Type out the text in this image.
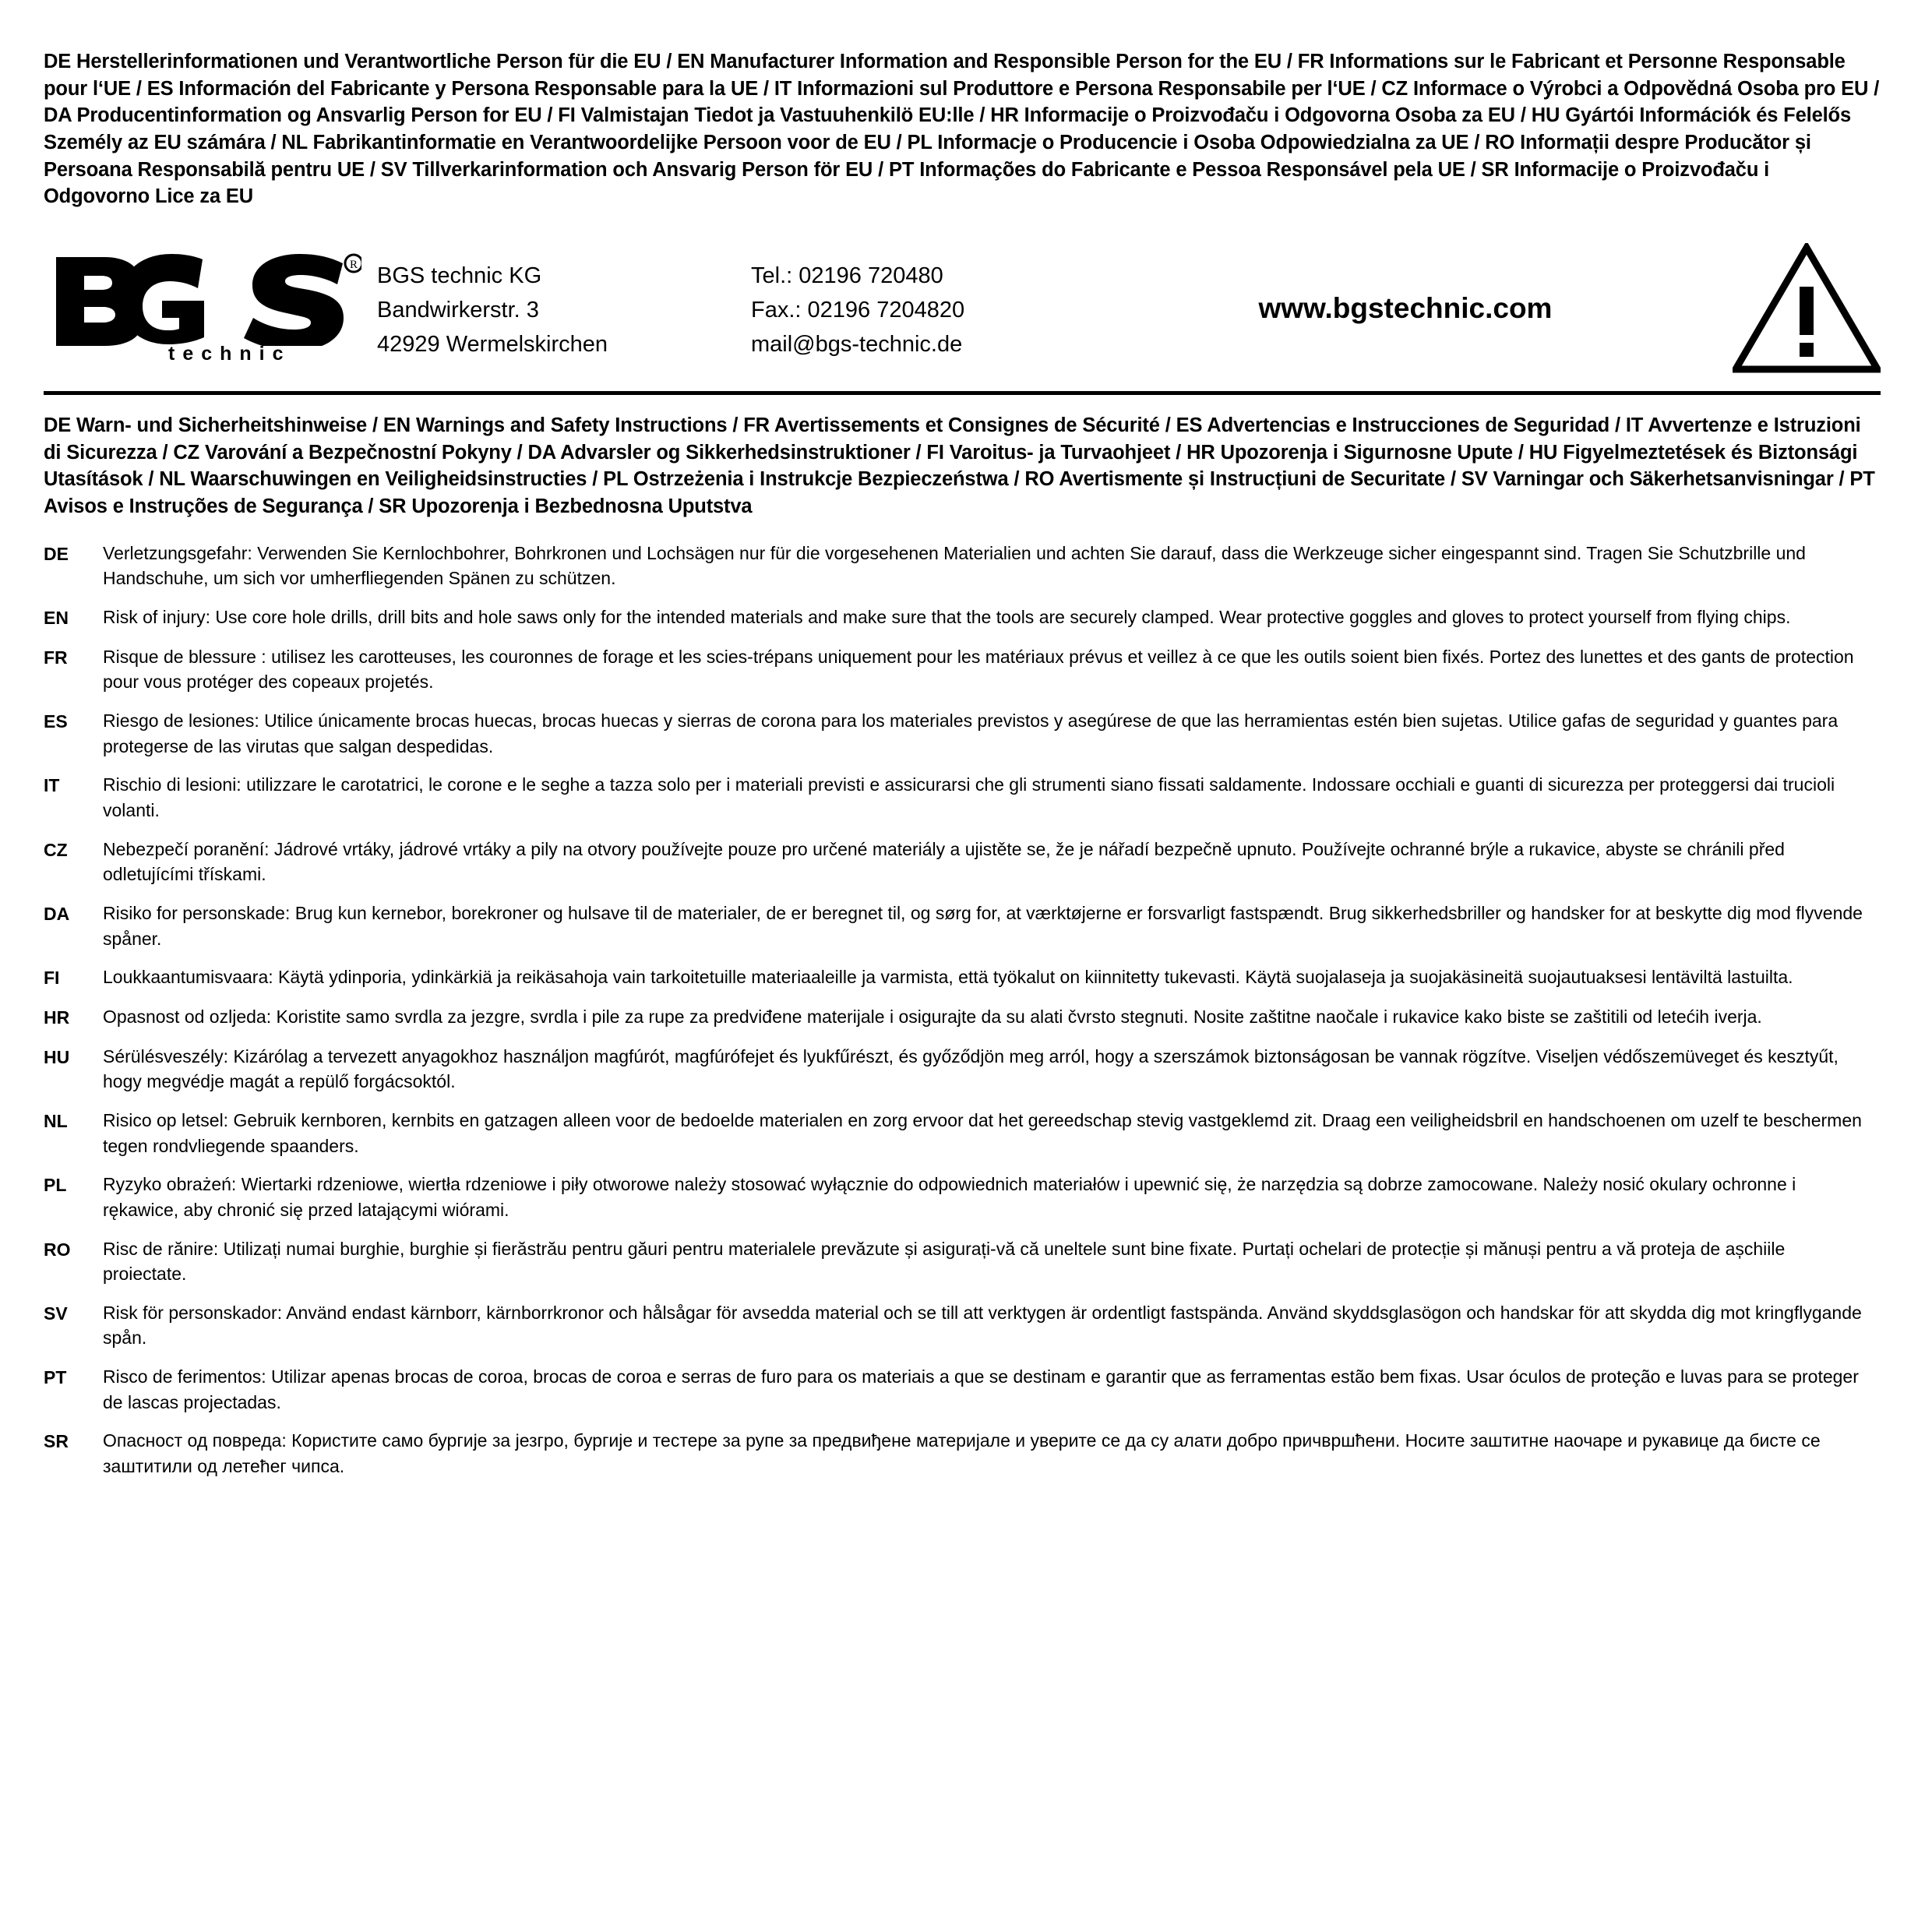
DE Herstellerinformationen und Verantwortliche Person für die EU / EN Manufacturer Information and Responsible Person for the EU / FR Informations sur le Fabricant et Personne Responsable pour l‘UE / ES Información del Fabricante y Persona Responsable para la UE / IT Informazioni sul Produttore e Persona Responsabile per l‘UE / CZ Informace o Výrobci a Odpovědná Osoba pro EU / DA Producentinformation og Ansvarlig Person for EU / FI Valmistajan Tiedot ja Vastuuhenkilö EU:lle / HR Informacije o Proizvođaču i Odgovorna Osoba za EU / HU Gyártói Információk és Felelős Személy az EU számára / NL Fabrikantinformatie en Verantwoordelijke Persoon voor de EU / PL Informacje o Producencie i Osoba Odpowiedzialna za UE / RO Informații despre Producător și Persoana Responsabilă pentru UE / SV Tillverkarinformation och Ansvarig Person för EU / PT Informações do Fabricante e Pessoa Responsável pela UE / SR Informacije o Proizvođaču i Odgovorno Lice za EU
R
technic
BGS technic KG
Bandwirkerstr. 3
42929 Wermelskirchen
Tel.: 02196 720480
Fax.: 02196 7204820
mail@bgs-technic.de
www.bgstechnic.com
DE Warn- und Sicherheitshinweise / EN Warnings and Safety Instructions / FR Avertissements et Consignes de Sécurité / ES Advertencias e Instrucciones de Seguridad / IT Avvertenze e Istruzioni di Sicurezza / CZ Varování a Bezpečnostní Pokyny / DA Advarsler og Sikkerhedsinstruktioner / FI Varoitus- ja Turvaohjeet / HR Upozorenja i Sigurnosne Upute / HU Figyelmeztetések és Biztonsági Utasítások / NL Waarschuwingen en Veiligheidsinstructies / PL Ostrzeżenia i Instrukcje Bezpieczeństwa / RO Avertismente și Instrucțiuni de Securitate / SV Varningar och Säkerhetsanvisningar / PT Avisos e Instruções de Segurança / SR Upozorenja i Bezbednosna Uputstva
DE	Verletzungsgefahr: Verwenden Sie Kernlochbohrer, Bohrkronen und Lochsägen nur für die vorgesehenen Materialien und achten Sie darauf, dass die Werkzeuge sicher eingespannt sind. Tragen Sie Schutzbrille und Handschuhe, um sich vor umherfliegenden Spänen zu schützen.
EN	Risk of injury: Use core hole drills, drill bits and hole saws only for the intended materials and make sure that the tools are securely clamped. Wear protective goggles and gloves to protect yourself from flying chips.
FR	Risque de blessure : utilisez les carotteuses, les couronnes de forage et les scies-trépans uniquement pour les matériaux prévus et veillez à ce que les outils soient bien fixés. Portez des lunettes et des gants de protection pour vous protéger des copeaux projetés.
ES	Riesgo de lesiones: Utilice únicamente brocas huecas, brocas huecas y sierras de corona para los materiales previstos y asegúrese de que las herramientas estén bien sujetas. Utilice gafas de seguridad y guantes para protegerse de las virutas que salgan despedidas.
IT	Rischio di lesioni: utilizzare le carotatrici, le corone e le seghe a tazza solo per i materiali previsti e assicurarsi che gli strumenti siano fissati saldamente. Indossare occhiali e guanti di sicurezza per proteggersi dai trucioli volanti.
CZ	Nebezpečí poranění: Jádrové vrtáky, jádrové vrtáky a pily na otvory používejte pouze pro určené materiály a ujistěte se, že je nářadí bezpečně upnuto. Používejte ochranné brýle a rukavice, abyste se chránili před odletujícími třískami.
DA	Risiko for personskade: Brug kun kernebor, borekroner og hulsave til de materialer, de er beregnet til, og sørg for, at værktøjerne er forsvarligt fastspændt. Brug sikkerhedsbriller og handsker for at beskytte dig mod flyvende spåner.
FI	Loukkaantumisvaara: Käytä ydinporia, ydinkärkiä ja reikäsahoja vain tarkoitetuille materiaaleille ja varmista, että työkalut on kiinnitetty tukevasti. Käytä suojalaseja ja suojakäsineitä suojautuaksesi lentäviltä lastuilta.
HR	Opasnost od ozljeda: Koristite samo svrdla za jezgre, svrdla i pile za rupe za predviđene materijale i osigurajte da su alati čvrsto stegnuti. Nosite zaštitne naočale i rukavice kako biste se zaštitili od letećih iverja.
HU	Sérülésveszély: Kizárólag a tervezett anyagokhoz használjon magfúrót, magfúrófejet és lyukfűrészt, és győződjön meg arról, hogy a szerszámok biztonságosan be vannak rögzítve. Viseljen védőszemüveget és kesztyűt, hogy megvédje magát a repülő forgácsoktól.
NL	Risico op letsel: Gebruik kernboren, kernbits en gatzagen alleen voor de bedoelde materialen en zorg ervoor dat het gereedschap stevig vastgeklemd zit. Draag een veiligheidsbril en handschoenen om uzelf te beschermen tegen rondvliegende spaanders.
PL	Ryzyko obrażeń: Wiertarki rdzeniowe, wiertła rdzeniowe i piły otworowe należy stosować wyłącznie do odpowiednich materiałów i upewnić się, że narzędzia są dobrze zamocowane. Należy nosić okulary ochronne i rękawice, aby chronić się przed latającymi wiórami.
RO	Risc de rănire: Utilizați numai burghie, burghie și fierăstrău pentru găuri pentru materialele prevăzute și asigurați-vă că uneltele sunt bine fixate. Purtați ochelari de protecție și mănuși pentru a vă proteja de așchiile proiectate.
SV	Risk för personskador: Använd endast kärnborr, kärnborrkronor och hålsågar för avsedda material och se till att verktygen är ordentligt fastspända. Använd skyddsglasögon och handskar för att skydda dig mot kringflygande spån.
PT	Risco de ferimentos: Utilizar apenas brocas de coroa, brocas de coroa e serras de furo para os materiais a que se destinam e garantir que as ferramentas estão bem fixas. Usar óculos de proteção e luvas para se proteger de lascas projectadas.
SR	Опасност од повреда: Користите само бургије за језгро, бургије и тестере за рупе за предвиђене материјале и уверите се да су алати добро причвршћени. Носите заштитне наочаре и рукавице да бисте се заштитили од летећег чипса.
